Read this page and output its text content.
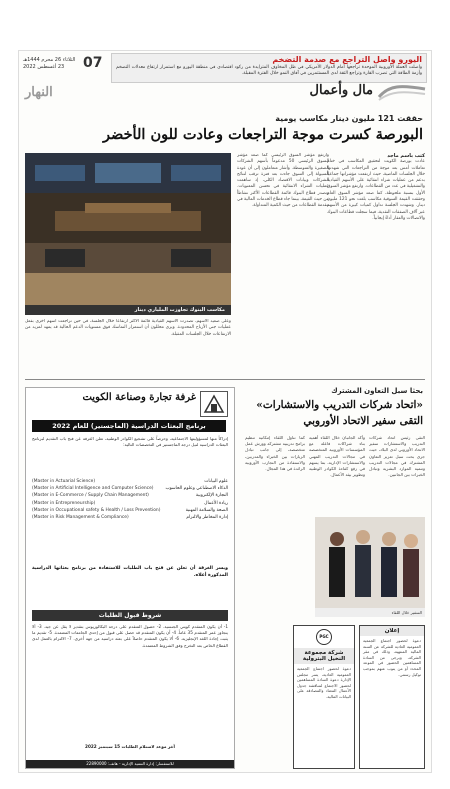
07
الثلاثاء 26 محرم 1444هـ
23 أغسطس 2022
اليورو واصل التراجع مع صدمة التضخم
واصلت العملة الأوروبية الموحدة تراجعها أمام الدولار الأمريكي في ظل المخاوف المتزايدة من ركود اقتصادي في منطقة اليورو مع استمرار ارتفاع معدلات التضخم وأزمة الطاقة التي تضرب القارة وتراجع الثقة لدى المستثمرين في آفاق النمو خلال الفترة المقبلة.
النهار	مال وأعمال
حققت 121 مليون دينار مكاسب يومية
البورصة كسرت موجة التراجعات وعادت للون الأخضر
كتب باسم ماجد
عادت بورصة الكويت لتحقيق المكاسب في ختام تعاملات أمس بعد موجة من التراجعات التي شهدتها خلال الجلسات الماضية، حيث ارتفعت مؤشراتها جماعياً بدعم من عمليات شراء انتقائية على الأسهم القيادية والتشغيلية في عدد من القطاعات. وارتفع مؤشر السوق الأول بنسبة ملحوظة، كما صعد مؤشر السوق العام وحققت القيمة السوقية مكاسب بلغت نحو 121 مليون دينار. وشهدت الجلسة تداول كميات كبيرة من الأسهم عبر آلاف الصفقات النقدية، فيما سجلت قطاعات البنوك والاتصالات والعقار أداءً إيجابياً.
وارتفع مؤشر السوق الرئيسي كما صعد مؤشر السوق الرئيسي 50 مدعوماً بأسهم الشركات الصغيرة والمتوسطة. وأشار متعاملون إلى أن عودة السيولة إلى السوق جاءت بعد فترة ترقب لنتائج الشركات وبيانات الاقتصاد الكلي، إذ ساهمت عمليات الشراء الانتقائية في تحسن المعنويات. وتصدر قطاع البنوك قائمة القطاعات الأكثر نشاطاً من حيث القيمة، بينما جاء قطاع الخدمات المالية في مقدمة القطاعات من حيث الكمية المتداولة.
مكاسب البنوك تجاوزت الملياري دينار
وعلى صعيد الأسهم، تصدرت الأسهم القيادية قائمة الأكثر ارتفاعاً خلال الجلسة، في حين تراجعت أسهم أخرى بفعل عمليات جني الأرباح المحدودة. ويرى محللون أن استمرار التماسك فوق مستويات الدعم الحالية قد يمهد لمزيد من الارتفاعات خلال الجلسات المقبلة.
بحثا سبل التعاون المشترك
«اتحاد شركات التدريب والاستشارات»
التقى سفير الاتحاد الأوروبي
التقى رئيس اتحاد شركات التدريب والاستشارات سفير الاتحاد الأوروبي لدى البلاد، حيث جرى بحث سبل تعزيز التعاون المشترك في مجالات التدريب وتنمية الموارد البشرية وتبادل الخبرات بين الجانبين.
وأكد الجانبان خلال اللقاء أهمية بناء شراكات فاعلة مع المؤسسات الأوروبية المتخصصة في مجالات التدريب المهني والاستشارات الإدارية، بما يسهم في رفع كفاءة الكوادر الوطنية وتطوير بيئة الأعمال.
كما تناول اللقاء إمكانية تنظيم برامج تدريبية مشتركة وورش عمل متخصصة، إلى جانب تبادل الزيارات بين الخبراء والمدربين، والاستفادة من التجارب الأوروبية الرائدة في هذا المجال.
السفير خلال اللقاء
إعلان
دعوة لحضور اجتماع الجمعية العمومية العادية للشركة عن السنة المالية المنتهية، وذلك في مقر الشركة، ويرجى من السادة المساهمين الحضور في الموعد المحدد أو من ينوب عنهم بموجب توكيل رسمي.
PGC
شركة مجموعة النخيل البترولية
دعوة لحضور اجتماع الجمعية العمومية العادية، يسر مجلس الإدارة دعوة السادة المساهمين لحضور الاجتماع لمناقشة جدول الأعمال المعتاد والمصادقة على البيانات المالية.
غرفة تجارة وصناعة الكويت
برنامج البعثات الدراسية (الماجستير) للعام 2022
إدراكاً منها لمسؤوليتها الاجتماعية، وحرصاً على تشجيع الكوادر الوطنية، تعلن الغرفة عن فتح باب التقديم لبرنامج البعثات الدراسية لنيل درجة الماجستير في التخصصات التالية:
علوم البيانات
(Master in Actuarial Science)
الذكاء الاصطناعي وعلوم الحاسوب
(Master in Artificial Intelligence and Computer Science)
التجارة الإلكترونية
(Master in E-Commerce / Supply Chain Management)
ريادة الأعمال
(Master in Entrepreneurship)
الصحة والسلامة المهنية
(Master in Occupational safety & Health / Loss Prevention)
إدارة المخاطر والالتزام
(Master in Risk Management & Compliance)
ويسر الغرفة أن تعلن عن فتح باب الطلبات للاستفادة من برنامج بعثاتها الدراسية المذكورة أعلاه.
شروط قبول الطلبات
1- أن يكون المتقدم كويتي الجنسية. 2- حصول المتقدم على درجة البكالوريوس بتقدير لا يقل عن جيد. 3- ألا يتجاوز عمر المتقدم 35 عاماً. 4- أن يكون المتقدم قد حصل على قبول من إحدى الجامعات المعتمدة. 5- تقديم ما يثبت إجادة اللغة الإنجليزية. 6- ألا يكون المتقدم حاصلاً على بعثة دراسية من جهة أخرى. 7- الالتزام بالعمل لدى القطاع الخاص بعد التخرج وفق الشروط المعتمدة.
آخر موعد لاستلام الطلبات 15 سبتمبر 2022
للاستفسار: إدارة التنمية الإدارية - هاتف: 22890000
